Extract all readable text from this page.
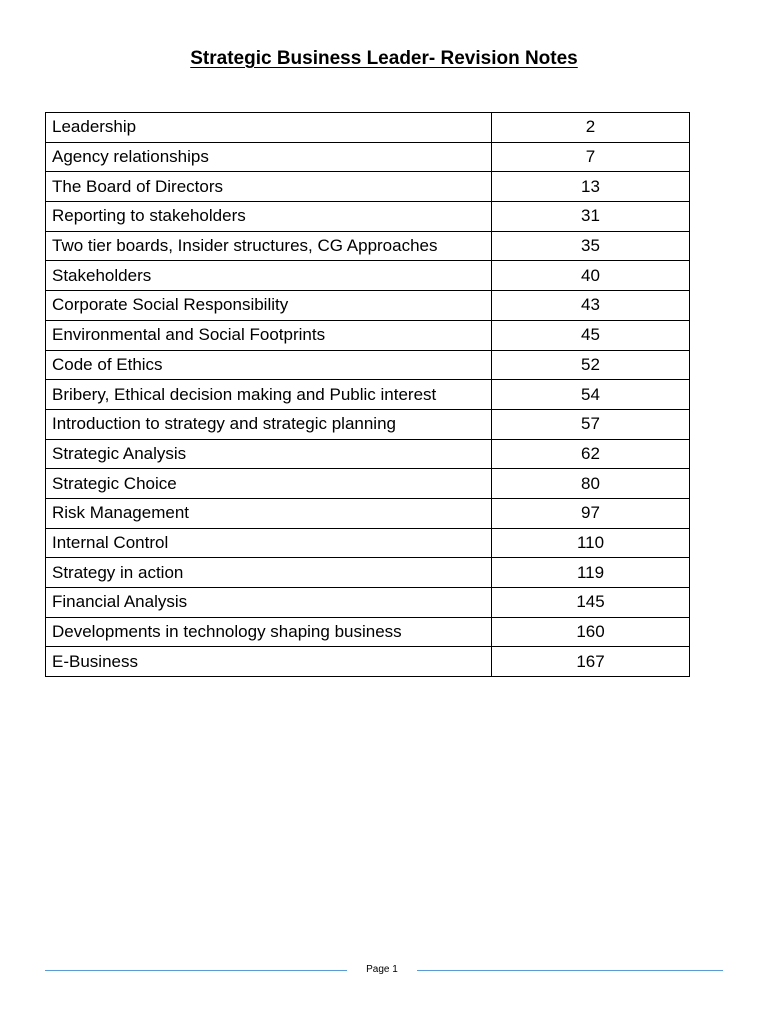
Strategic Business Leader- Revision Notes
Leadership	2
Agency relationships	7
The Board of Directors	13
Reporting to stakeholders	31
Two tier boards, Insider structures, CG Approaches	35
Stakeholders	40
Corporate Social Responsibility	43
Environmental and Social Footprints	45
Code of Ethics	52
Bribery, Ethical decision making and Public interest	54
Introduction to strategy and strategic planning	57
Strategic Analysis	62
Strategic Choice	80
Risk Management	97
Internal Control	110
Strategy in action	119
Financial Analysis	145
Developments in technology shaping business	160
E-Business	167
Page 1
